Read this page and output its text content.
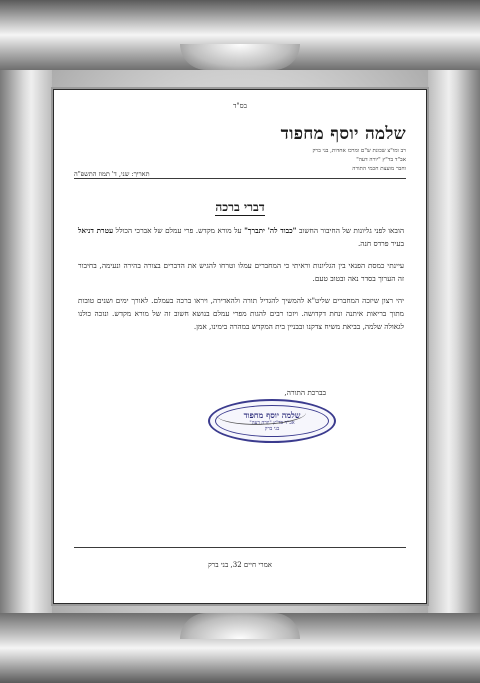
בס"ד
שלמה יוסף מחפוד
רב ומו"צ שכונת ש"ם ומרכז אחדות, בני ברק
אב"ד בד"ץ "יורה דעה"
וחבר מועצת חכמי התורה
תאריך: שני, ד' תמוז התשפ"ה
דברי ברכה

הובאו לפני גליונות של החיבור החשוב "כבוד לה' יתברך" על מורא מקדש. פרי עמלם של אברכי הכולל עטרת דניאל בעיר פרדס חנה.

עיינתי כמסת הפנאי בין הגליונות וראיתי כי המחברים עמלו וטרחו להגיש את הדברים בצורה בהירה ונעימה, בחיבור זה הערוך בסדר נאה ובטוב טעם.

יהי רצון שיזכה המחברים שליט"א להמשיך להגדיל תורה ולהאדירה, ויראו ברכה בעמלם. לאורך ימים ושנים טובות מתוך בריאות איתנה ונחת דקדושה. ויזכו רבים להגות מפרי עמלם בנושא חשוב זה של מורא מקדש. ונזכה כולנו לגאולה שלמה, בביאת משיח צדקנו ובבניין בית המקדש במהרה בימינו, אמן.

בברכת התורה,
שלמה יוסף מחפוד
אב"ד בד"ץ "יורה דעה"
בני ברק
אמרי חיים 32, בני ברק
